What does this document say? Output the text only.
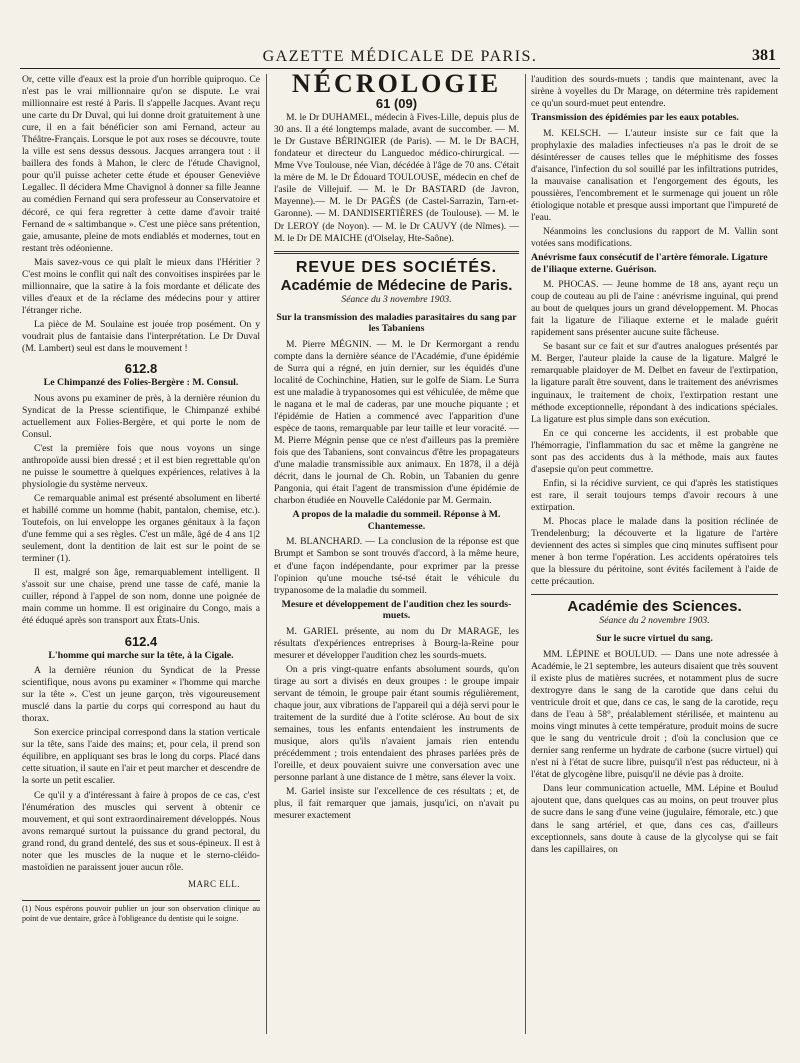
GAZETTE MÉDICALE DE PARIS.	381

Or, cette ville d'eaux est la proie d'un horrible quiproquo. Ce n'est pas le vrai millionnaire qu'on se dispute. Le vrai millionnaire est resté à Paris. Il s'appelle Jacques. Avant reçu une carte du Dr Duval, qui lui donne droit gratuitement à une cure, il en a fait bénéficier son ami Fernand, acteur au Théâtre-Français. Lorsque le pot aux roses se découvre, toute la ville est sens dessus dessous. Jacques arrangera tout : il baillera des fonds à Mahon, le clerc de l'étude Chavignol, pour qu'il puisse acheter cette étude et épouser Geneviève Legallec. Il décidera Mme Chavignol à donner sa fille Jeanne au comédien Fernand qui sera professeur au Conservatoire et décoré, ce qui fera regretter à cette dame d'avoir traité Fernand de « saltimbanque ». C'est une pièce sans prétention, gaie, amusante, pleine de mots endiablés et modernes, tout en restant très odéonienne.

Mais savez-vous ce qui plaît le mieux dans l'Héritier ? C'est moins le conflit qui naît des convoitises inspirées par le millionnaire, que la satire à la fois mordante et délicate des villes d'eaux et de la réclame des médecins pour y attirer l'étranger riche.

La pièce de M. Soulaine est jouée trop posément. On y voudrait plus de fantaisie dans l'interprétation. Le Dr Duval (M. Lambert) seul est dans le mouvement !

612.8
Le Chimpanzé des Folies-Bergère : M. Consul.

Nous avons pu examiner de près, à la dernière réunion du Syndicat de la Presse scientifique, le Chimpanzé exhibé actuellement aux Folies-Bergère, et qui porte le nom de Consul.

C'est la première fois que nous voyons un singe anthropoïde aussi bien dressé ; et il est bien regrettable qu'on ne puisse le soumettre à quelques expériences, relatives à la physiologie du système nerveux.

Ce remarquable animal est présenté absolument en liberté et habillé comme un homme (habit, pantalon, chemise, etc.). Toutefois, on lui enveloppe les organes génitaux à la façon d'une femme qui a ses règles. C'est un mâle, âgé de 4 ans 1|2 seulement, dont la dentition de lait est sur le point de se terminer (1).

Il est, malgré son âge, remarquablement intelligent. Il s'assoit sur une chaise, prend une tasse de café, manie la cuiller, répond à l'appel de son nom, donne une poignée de main comme un homme. Il est originaire du Congo, mais a été éduqué après son transport aux États-Unis.

612.4
L'homme qui marche sur la tête, à la Cigale.

A la dernière réunion du Syndicat de la Presse scientifique, nous avons pu examiner « l'homme qui marche sur la tête ». C'est un jeune garçon, très vigoureusement musclé dans la partie du corps qui correspond au haut du thorax.

Son exercice principal correspond dans la station verticale sur la tête, sans l'aide des mains; et, pour cela, il prend son équilibre, en appliquant ses bras le long du corps. Placé dans cette situation, il saute en l'air et peut marcher et descendre de la sorte un petit escalier.

Ce qu'il y a d'intéressant à faire à propos de ce cas, c'est l'énumération des muscles qui servent à obtenir ce mouvement, et qui sont extraordinairement développés. Nous avons remarqué surtout la puissance du grand pectoral, du grand rond, du grand dentelé, des sus et sous-épineux. Il est à noter que les muscles de la nuque et le sterno-cléido-mastoïdien ne paraissent jouer aucun rôle.

MARC ELL.
(1) Nous espérons pouvoir publier un jour son observation clinique au point de vue dentaire, grâce à l'obligeance du dentiste qui le soigne.
NÉCROLOGIE
61 (09)

M. le Dr DUHAMEL, médecin à Fives-Lille, depuis plus de 30 ans. Il a été longtemps malade, avant de succomber. — M. le Dr Gustave BÉRINGIER (de Paris). — M. le Dr BACH, fondateur et directeur du Languedoc médico-chirurgical. — Mme Vve Toulouse, née Vian, décédée à l'âge de 70 ans. C'était la mère de M. le Dr Édouard TOULOUSE, médecin en chef de l'asile de Villejuif. — M. le Dr BASTARD (de Javron, Mayenne).— M. le Dr PAGÈS (de Castel-Sarrazin, Tarn-et-Garonne). — M. DANDISERTIÈRES (de Toulouse). — M. le Dr LEROY (de Noyon). — M. le Dr CAUVY (de Nîmes). — M. le Dr DE MAICHE (d'Olselay, Hte-Saône).

REVUE DES SOCIÉTÉS.
Académie de Médecine de Paris.
Séance du 3 novembre 1903.
Sur la transmission des maladies parasitaires du sang par les Tabaniens

M. Pierre MÉGNIN. — M. le Dr Kermorgant a rendu compte dans la dernière séance de l'Académie, d'une épidémie de Surra qui a régné, en juin dernier, sur les équidés d'une localité de Cochinchine, Hatien, sur le golfe de Siam. Le Surra est une maladie à trypanosomes qui est véhiculée, de même que le nagana et le mal de caderas, par une mouche piquante ; et l'épidémie de Hatien a commencé avec l'apparition d'une espèce de taons, remarquable par leur taille et leur voracité. — M. Pierre Mégnin pense que ce n'est d'ailleurs pas la première fois que des Tabaniens, sont convaincus d'être les propagateurs d'une maladie transmissible aux animaux. En 1878, il a déjà décrit, dans le journal de Ch. Robin, un Tabanien du genre Pangonia, qui était l'agent de transmission d'une épidémie de charbon étudiée en Nouvelle Calédonie par M. Germain.

A propos de la maladie du sommeil. Réponse à M. Chantemesse.

M. BLANCHARD. — La conclusion de la réponse est que Brumpt et Sambon se sont trouvés d'accord, à la même heure, et d'une façon indépendante, pour exprimer par la presse l'opinion qu'une mouche tsé-tsé était le véhicule du trypanosome de la maladie du sommeil.

Mesure et développement de l'audition chez les sourds-muets.

M. GARIEL présente, au nom du Dr MARAGE, les résultats d'expériences entreprises à Bourg-la-Reine pour mesurer et développer l'audition chez les sourds-muets.

On a pris vingt-quatre enfants absolument sourds, qu'on tirage au sort a divisés en deux groupes : le groupe impair servant de témoin, le groupe pair étant soumis régulièrement, chaque jour, aux vibrations de l'appareil qui a déjà servi pour le traitement de la surdité due à l'otite sclérose. Au bout de six semaines, tous les enfants entendaient les instruments de musique, alors qu'ils n'avaient jamais rien entendu précédemment ; trois entendaient des phrases parlées près de l'oreille, et deux pouvaient suivre une conversation avec une personne parlant à une distance de 1 mètre, sans élever la voix.

M. Gariel insiste sur l'excellence de ces résultats ; et, de plus, il fait remarquer que jamais, jusqu'ici, on n'avait pu mesurer exactement

l'audition des sourds-muets ; tandis que maintenant, avec la sirène à voyelles du Dr Marage, on détermine très rapidement ce qu'un sourd-muet peut entendre.

Transmission des épidémies par les eaux potables.

M. KELSCH. — L'auteur insiste sur ce fait que la prophylaxie des maladies infectieuses n'a pas le droit de se désintéresser de causes telles que le méphitisme des fosses d'aisance, l'infection du sol souillé par les infiltrations putrides, la mauvaise canalisation et l'engorgement des égouts, les poussières, l'encombrement et le surmenage qui jouent un rôle étiologique notable et presque aussi important que l'impureté de l'eau.

Néanmoins les conclusions du rapport de M. Vallin sont votées sans modifications.

Anévrisme faux consécutif de l'artère fémorale. Ligature de l'iliaque externe. Guérison.

M. PHOCAS. — Jeune homme de 18 ans, ayant reçu un coup de couteau au pli de l'aine : anévrisme inguinal, qui prend au bout de quelques jours un grand développement. M. Phocas fait la ligature de l'iliaque externe et le malade guérit rapidement sans présenter aucune suite fâcheuse.

Se basant sur ce fait et sur d'autres analogues présentés par M. Berger, l'auteur plaide la cause de la ligature. Malgré le remarquable plaidoyer de M. Delbet en faveur de l'extirpation, la ligature paraît être souvent, dans le traitement des anévrismes inguinaux, le traitement de choix, l'extirpation restant une méthode exceptionnelle, répondant à des indications spéciales. La ligature est plus simple dans son exécution.

En ce qui concerne les accidents, il est probable que l'hémorragie, l'inflammation du sac et même la gangrène ne sont pas des accidents dus à la méthode, mais aux fautes d'asepsie qu'on peut commettre.

Enfin, si la récidive survient, ce qui d'après les statistiques est rare, il serait toujours temps d'avoir recours à une extirpation.

M. Phocas place le malade dans la position réclinée de Trendelenburg; la découverte et la ligature de l'artère deviennent des actes si simples que cinq minutes suffisent pour mener à bon terme l'opération. Les accidents opératoires tels que la blessure du péritoine, sont évités facilement à l'aide de cette précaution.

Académie des Sciences.
Séance du 2 novembre 1903.
Sur le sucre virtuel du sang.

MM. LÉPINE et BOULUD. — Dans une note adressée à Académie, le 21 septembre, les auteurs disaient que très souvent il existe plus de matières sucrées, et notamment plus de sucre dextrogyre dans le sang de la carotide que dans celui du ventricule droit et que, dans ce cas, le sang de la carotide, reçu dans de l'eau à 58°, préalablement stérilisée, et maintenu au moins vingt minutes à cette température, produit moins de sucre que le sang du ventricule droit ; d'où la conclusion que ce dernier sang renferme un hydrate de carbone (sucre virtuel) qui n'est ni à l'état de sucre libre, puisqu'il n'est pas réducteur, ni à l'état de glycogène libre, puisqu'il ne dévie pas à droite.

Dans leur communication actuelle, MM. Lépine et Boulud ajoutent que, dans quelques cas au moins, on peut trouver plus de sucre dans le sang d'une veine (jugulaire, fémorale, etc.) que dans le sang artériel, et que, dans ces cas, d'ailleurs exceptionnels, sans doute à cause de la glycolyse qui se fait dans les capillaires, on
